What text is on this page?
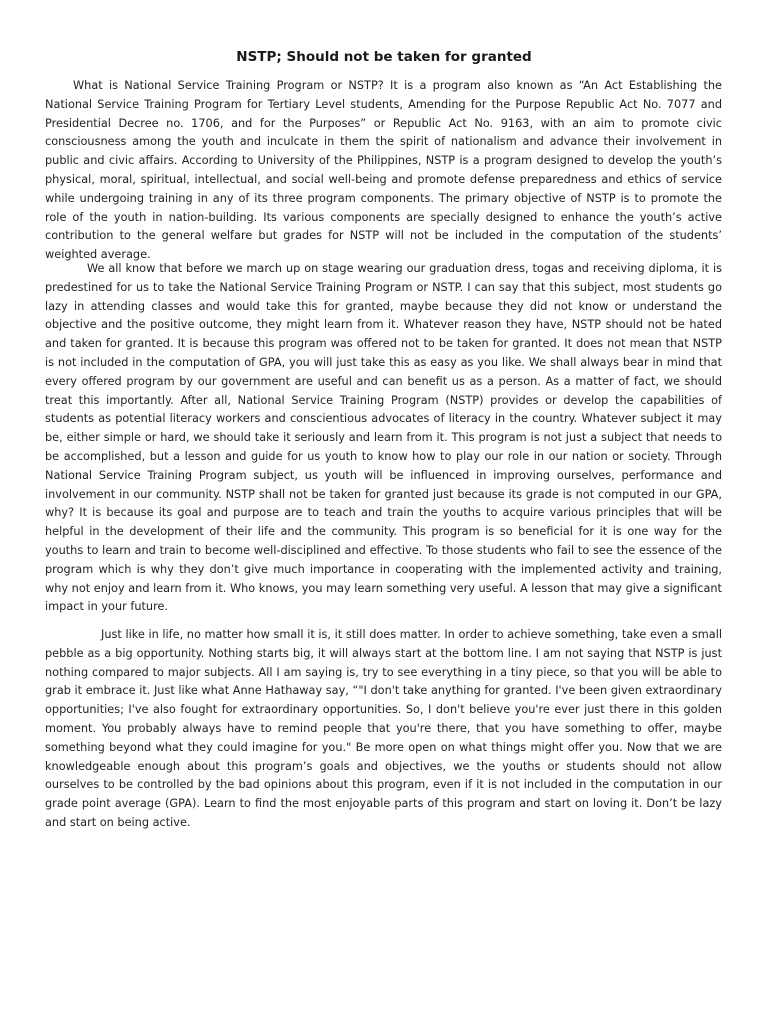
NSTP; Should not be taken for granted

What is National Service Training Program or NSTP? It is a program also known as “An Act Establishing the National Service Training Program for Tertiary Level students, Amending for the Purpose Republic Act No. 7077 and Presidential Decree no. 1706, and for the Purposes” or Republic Act No. 9163, with an aim to promote civic consciousness among the youth and inculcate in them the spirit of nationalism and advance their involvement in public and civic affairs. According to University of the Philippines, NSTP is a program designed to develop the youth’s physical, moral, spiritual, intellectual, and social well-being and promote defense preparedness and ethics of service while undergoing training in any of its three program components. The primary objective of NSTP is to promote the role of the youth in nation-building. Its various components are specially designed to enhance the youth’s active contribution to the general welfare but grades for NSTP will not be included in the computation of the students’ weighted average.

We all know that before we march up on stage wearing our graduation dress, togas and receiving diploma, it is predestined for us to take the National Service Training Program or NSTP. I can say that this subject, most students go lazy in attending classes and would take this for granted, maybe because they did not know or understand the objective and the positive outcome, they might learn from it. Whatever reason they have, NSTP should not be hated and taken for granted. It is because this program was offered not to be taken for granted. It does not mean that NSTP is not included in the computation of GPA, you will just take this as easy as you like. We shall always bear in mind that every offered program by our government are useful and can benefit us as a person. As a matter of fact, we should treat this importantly. After all, National Service Training Program (NSTP) provides or develop the capabilities of students as potential literacy workers and conscientious advocates of literacy in the country. Whatever subject it may be, either simple or hard, we should take it seriously and learn from it. This program is not just a subject that needs to be accomplished, but a lesson and guide for us youth to know how to play our role in our nation or society. Through National Service Training Program subject, us youth will be influenced in improving ourselves, performance and involvement in our community. NSTP shall not be taken for granted just because its grade is not computed in our GPA, why? It is because its goal and purpose are to teach and train the youths to acquire various principles that will be helpful in the development of their life and the community. This program is so beneficial for it is one way for the youths to learn and train to become well-disciplined and effective. To those students who fail to see the essence of the program which is why they don’t give much importance in cooperating with the implemented activity and training, why not enjoy and learn from it. Who knows, you may learn something very useful. A lesson that may give a significant impact in your future.

Just like in life, no matter how small it is, it still does matter. In order to achieve something, take even a small pebble as a big opportunity. Nothing starts big, it will always start at the bottom line. I am not saying that NSTP is just nothing compared to major subjects. All I am saying is, try to see everything in a tiny piece, so that you will be able to grab it embrace it. Just like what Anne Hathaway say, “"I don't take anything for granted. I've been given extraordinary opportunities; I've also fought for extraordinary opportunities. So, I don't believe you're ever just there in this golden moment. You probably always have to remind people that you're there, that you have something to offer, maybe something beyond what they could imagine for you." Be more open on what things might offer you. Now that we are knowledgeable enough about this program’s goals and objectives, we the youths or students should not allow ourselves to be controlled by the bad opinions about this program, even if it is not included in the computation in our grade point average (GPA). Learn to find the most enjoyable parts of this program and start on loving it. Don’t be lazy and start on being active.
